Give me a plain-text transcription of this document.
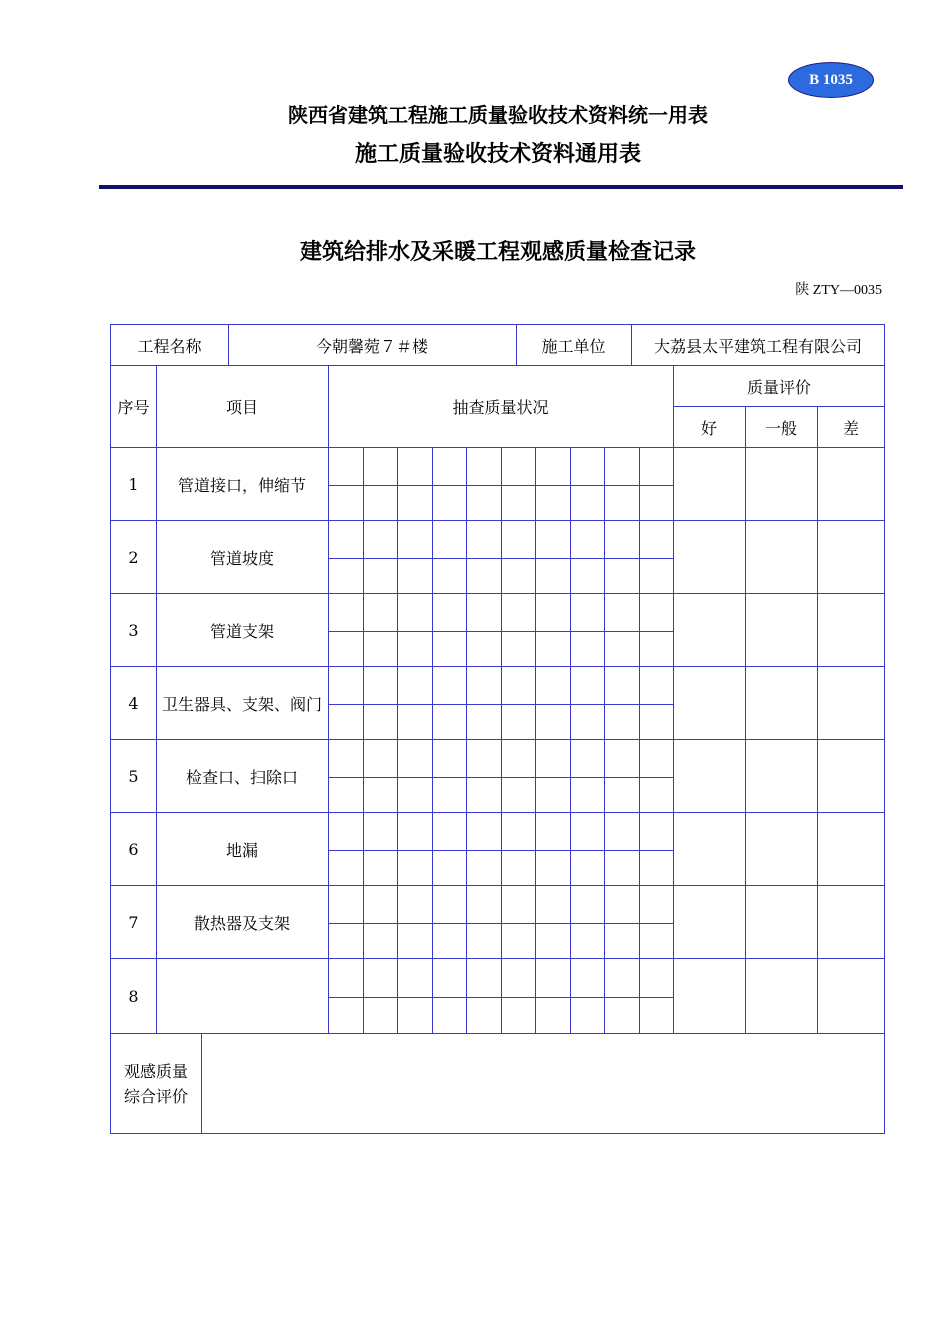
B 1035
陕西省建筑工程施工质量验收技术资料统一用表
施工质量验收技术资料通用表
建筑给排水及采暖工程观感质量检查记录
陕 ZTY—0035
工程名称	今朝馨菀７＃楼	施工单位	大荔县太平建筑工程有限公司
序号	项目	抽查质量状况
质量评价
好	一般	差
1	管道接口，伸缩节
2	管道坡度
3	管道支架
4	卫生器具、支架、阀门
5	检查口、扫除口
6	地漏
7	散热器及支架
8
观感质量
综合评价
